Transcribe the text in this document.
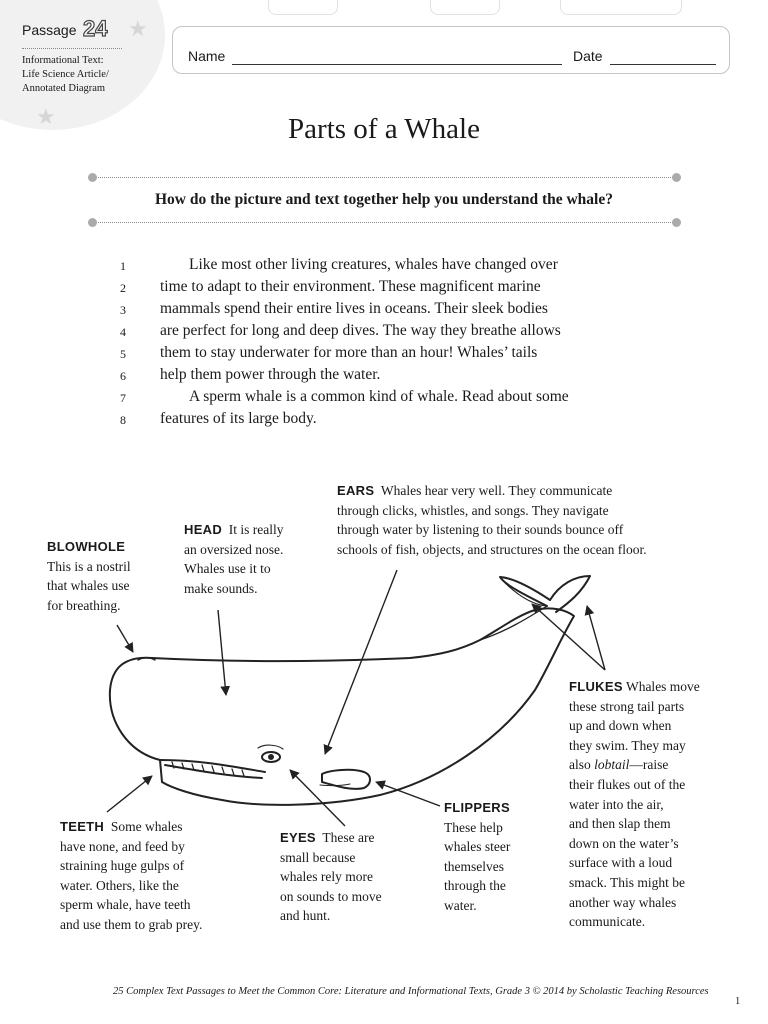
Passage 24 ★
★
Informational Text:
Life Science Article/
Annotated Diagram
Name	Date
Parts of a Whale
How do the picture and text together help you understand the whale?
1	Like most other living creatures, whales have changed over
2 time to adapt to their environment. These magnificent marine
3 mammals spend their entire lives in oceans. Their sleek bodies
4 are perfect for long and deep dives. The way they breathe allows
5 them to stay underwater for more than an hour! Whales’ tails
6 help them power through the water.
7	A sperm whale is a common kind of whale. Read about some
8 features of its large body.
BLOWHOLE
This is a nostril
that whales use
for breathing.
HEAD It is really
an oversized nose.
Whales use it to
make sounds.
EARS Whales hear very well. They communicate
through clicks, whistles, and songs. They navigate
through water by listening to their sounds bounce off
schools of fish, objects, and structures on the ocean floor.
FLUKES Whales move
these strong tail parts
up and down when
they swim. They may
also lobtail—raise
their flukes out of the
water into the air,
and then slap them
down on the water’s
surface with a loud
smack. This might be
another way whales
communicate.
FLIPPERS
These help
whales steer
themselves
through the
water.
TEETH Some whales
have none, and feed by
straining huge gulps of
water. Others, like the
sperm whale, have teeth
and use them to grab prey.
EYES These are
small because
whales rely more
on sounds to move
and hunt.
25 Complex Text Passages to Meet the Common Core: Literature and Informational Texts, Grade 3 © 2014 by Scholastic Teaching Resources
1
